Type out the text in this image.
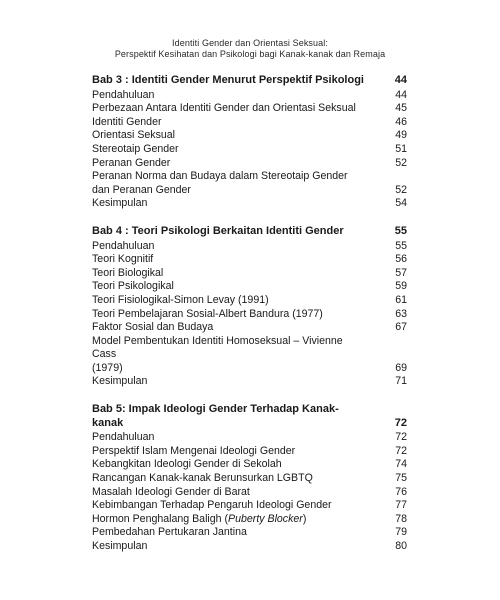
Identiti Gender dan Orientasi Seksual:
Perspektif Kesihatan dan Psikologi bagi Kanak-kanak dan Remaja
Bab 3 : Identiti Gender Menurut Perspektif Psikologi	44
Pendahuluan	44
Perbezaan Antara Identiti Gender dan Orientasi Seksual	45
Identiti Gender	46
Orientasi Seksual	49
Stereotaip Gender	51
Peranan Gender	52
Peranan Norma dan Budaya dalam Stereotaip Gender
dan Peranan Gender	52
Kesimpulan	54
Bab 4 : Teori Psikologi Berkaitan Identiti Gender	55
Pendahuluan	55
Teori Kognitif	56
Teori Biologikal	57
Teori Psikologikal	59
Teori Fisiologikal-Simon Levay (1991)	61
Teori Pembelajaran Sosial-Albert Bandura (1977)	63
Faktor Sosial dan Budaya	67
Model Pembentukan Identiti Homoseksual – Vivienne Cass
(1979)	69
Kesimpulan	71
Bab 5: Impak Ideologi Gender Terhadap Kanak-kanak	72
Pendahuluan	72
Perspektif Islam Mengenai Ideologi Gender	72
Kebangkitan Ideologi Gender di Sekolah	74
Rancangan Kanak-kanak Berunsurkan LGBTQ	75
Masalah Ideologi Gender di Barat	76
Kebimbangan Terhadap Pengaruh Ideologi Gender	77
Hormon Penghalang Baligh (Puberty Blocker)	78
Pembedahan Pertukaran Jantina	79
Kesimpulan	80
